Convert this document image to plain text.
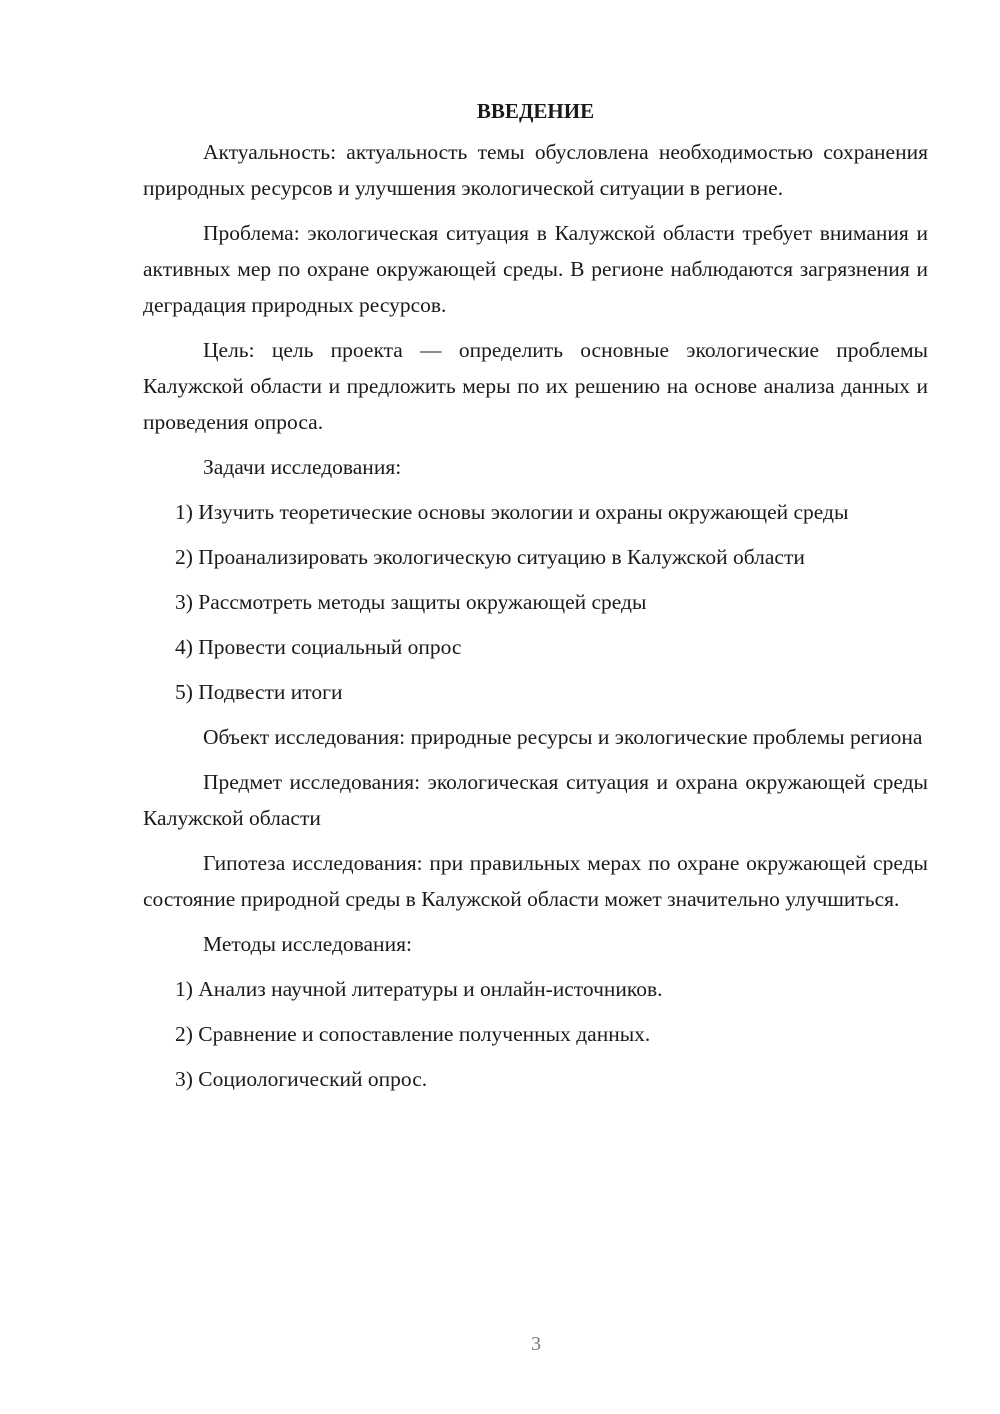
ВВЕДЕНИЕ

Актуальность: актуальность темы обусловлена необходимостью сохранения природных ресурсов и улучшения экологической ситуации в регионе.

Проблема: экологическая ситуация в Калужской области требует внимания и активных мер по охране окружающей среды. В регионе наблюдаются загрязнения и деградация природных ресурсов.

Цель: цель проекта — определить основные экологические проблемы Калужской области и предложить меры по их решению на основе анализа данных и проведения опроса.

Задачи исследования:

1) Изучить теоретические основы экологии и охраны окружающей среды

2) Проанализировать экологическую ситуацию в Калужской области

3) Рассмотреть методы защиты окружающей среды

4) Провести социальный опрос

5) Подвести итоги

Объект исследования: природные ресурсы и экологические проблемы региона

Предмет исследования: экологическая ситуация и охрана окружающей среды Калужской области

Гипотеза исследования: при правильных мерах по охране окружающей среды состояние природной среды в Калужской области может значительно улучшиться.

Методы исследования:

1) Анализ научной литературы и онлайн-источников.

2) Сравнение и сопоставление полученных данных.

3) Социологический опрос.

3
